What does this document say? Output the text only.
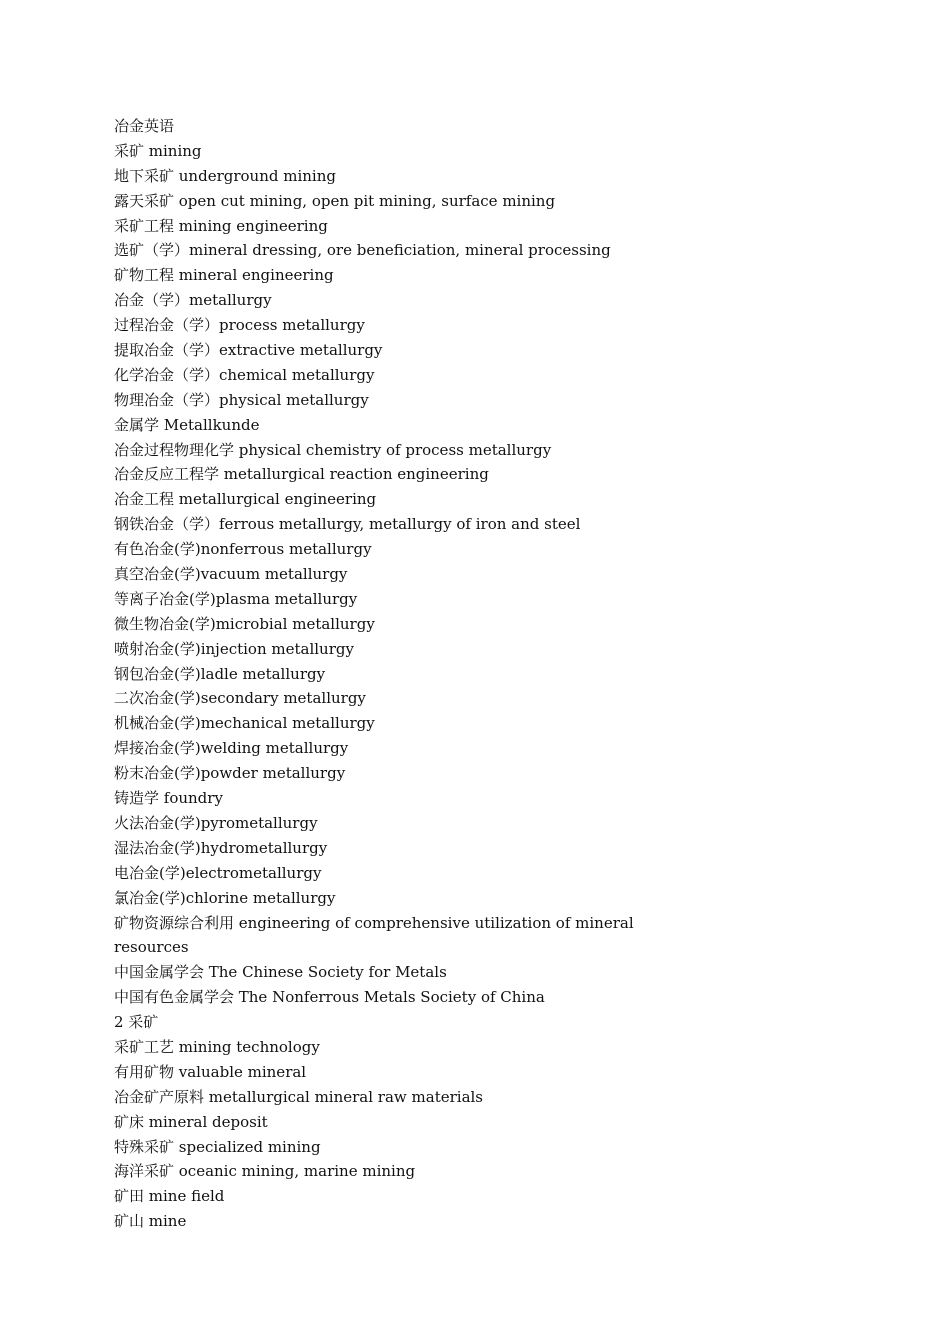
冶金英语
采矿 mining
地下采矿 underground mining
露天采矿 open cut mining, open pit mining, surface mining
采矿工程 mining engineering
选矿（学）mineral dressing, ore beneficiation, mineral processing
矿物工程 mineral engineering
冶金（学）metallurgy
过程冶金（学）process metallurgy
提取冶金（学）extractive metallurgy
化学冶金（学）chemical metallurgy
物理冶金（学）physical metallurgy
金属学 Metallkunde
冶金过程物理化学 physical chemistry of process metallurgy
冶金反应工程学 metallurgical reaction engineering
冶金工程 metallurgical engineering
钢铁冶金（学）ferrous metallurgy, metallurgy of iron and steel
有色冶金(学)nonferrous metallurgy
真空冶金(学)vacuum metallurgy
等离子冶金(学)plasma metallurgy
微生物冶金(学)microbial metallurgy
喷射冶金(学)injection metallurgy
钢包冶金(学)ladle metallurgy
二次冶金(学)secondary metallurgy
机械冶金(学)mechanical metallurgy
焊接冶金(学)welding metallurgy
粉末冶金(学)powder metallurgy
铸造学 foundry
火法冶金(学)pyrometallurgy
湿法冶金(学)hydrometallurgy
电冶金(学)electrometallurgy
氯冶金(学)chlorine metallurgy
矿物资源综合利用 engineering of comprehensive utilization of mineral
resources
中国金属学会 The Chinese Society for Metals
中国有色金属学会 The Nonferrous Metals Society of China
2 采矿
采矿工艺 mining technology
有用矿物 valuable mineral
冶金矿产原料 metallurgical mineral raw materials
矿床 mineral deposit
特殊采矿 specialized mining
海洋采矿 oceanic mining, marine mining
矿田 mine field
矿山 mine
